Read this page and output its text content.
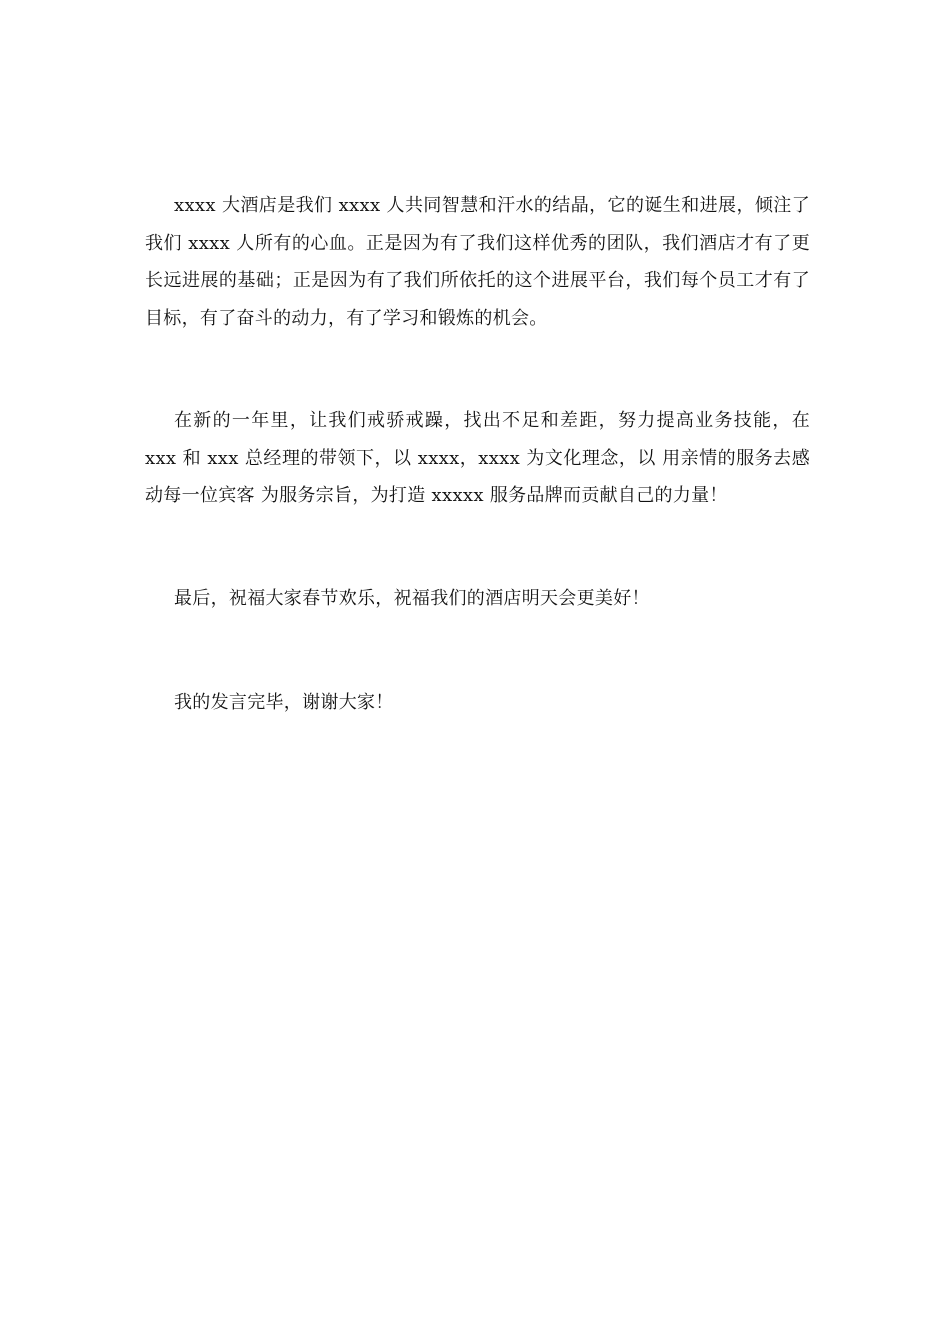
xxxx 大酒店是我们 xxxx 人共同智慧和汗水的结晶，它的诞生和进展，倾注了我们 xxxx 人所有的心血。正是因为有了我们这样优秀的团队，我们酒店才有了更长远进展的基础；正是因为有了我们所依托的这个进展平台，我们每个员工才有了目标，有了奋斗的动力，有了学习和锻炼的机会。

在新的一年里，让我们戒骄戒躁，找出不足和差距，努力提高业务技能，在 xxx 和 xxx 总经理的带领下，以 xxxx，xxxx 为文化理念，以 用亲情的服务去感动每一位宾客 为服务宗旨，为打造 xxxxx 服务品牌而贡献自己的力量！

最后，祝福大家春节欢乐，祝福我们的酒店明天会更美好！

我的发言完毕，谢谢大家！
